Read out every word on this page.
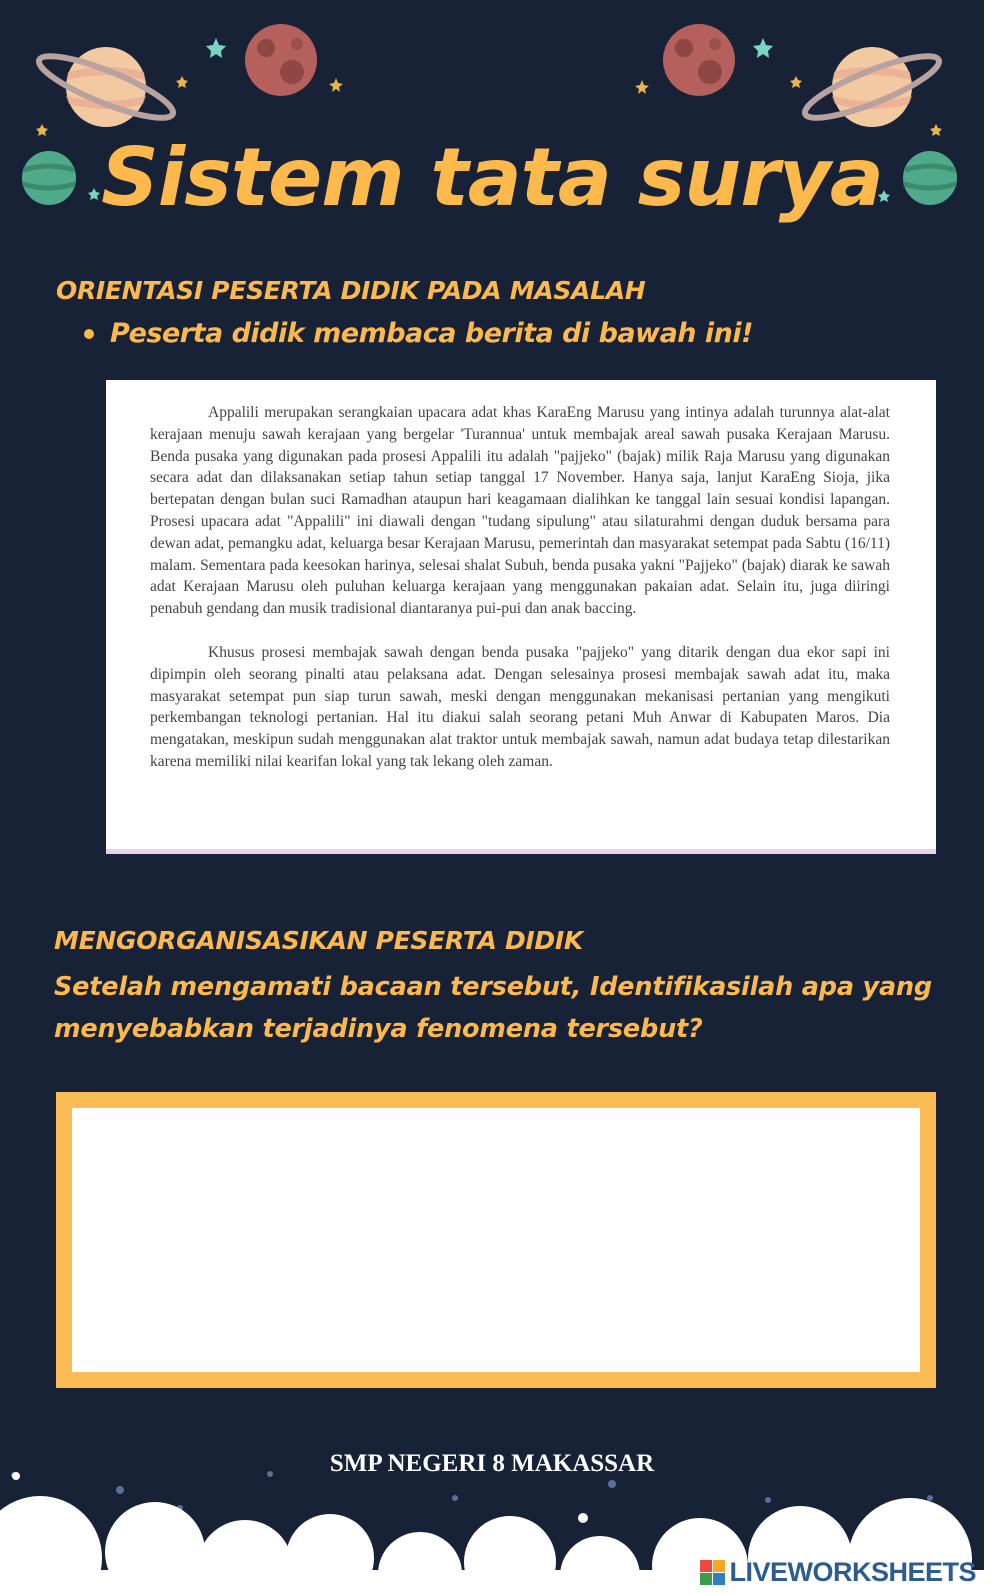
Sistem tata surya
ORIENTASI PESERTA DIDIK PADA MASALAH
Peserta didik membaca berita di bawah ini!

Appalili merupakan serangkaian upacara adat khas KaraEng Marusu yang intinya adalah turunnya alat-alat kerajaan menuju sawah kerajaan yang bergelar 'Turannua' untuk membajak areal sawah pusaka Kerajaan Marusu. Benda pusaka yang digunakan pada prosesi Appalili itu adalah "pajjeko" (bajak) milik Raja Marusu yang digunakan secara adat dan dilaksanakan setiap tahun setiap tanggal 17 November. Hanya saja, lanjut KaraEng Sioja, jika bertepatan dengan bulan suci Ramadhan ataupun hari keagamaan dialihkan ke tanggal lain sesuai kondisi lapangan. Prosesi upacara adat "Appalili" ini diawali dengan "tudang sipulung" atau silaturahmi dengan duduk bersama para dewan adat, pemangku adat, keluarga besar Kerajaan Marusu, pemerintah dan masyarakat setempat pada Sabtu (16/11) malam. Sementara pada keesokan harinya, selesai shalat Subuh, benda pusaka yakni "Pajjeko" (bajak) diarak ke sawah adat Kerajaan Marusu oleh puluhan keluarga kerajaan yang menggunakan pakaian adat. Selain itu, juga diiringi penabuh gendang dan musik tradisional diantaranya pui-pui dan anak baccing.

Khusus prosesi membajak sawah dengan benda pusaka "pajjeko" yang ditarik dengan dua ekor sapi ini dipimpin oleh seorang pinalti atau pelaksana adat. Dengan selesainya prosesi membajak sawah adat itu, maka masyarakat setempat pun siap turun sawah, meski dengan menggunakan mekanisasi pertanian yang mengikuti perkembangan teknologi pertanian. Hal itu diakui salah seorang petani Muh Anwar di Kabupaten Maros. Dia mengatakan, meskipun sudah menggunakan alat traktor untuk membajak sawah, namun adat budaya tetap dilestarikan karena memiliki nilai kearifan lokal yang tak lekang oleh zaman.

MENGORGANISASIKAN PESERTA DIDIK
Setelah mengamati bacaan tersebut, Identifikasilah apa yang menyebabkan terjadinya fenomena tersebut?
SMP NEGERI 8 MAKASSAR
LIVEWORKSHEETS
